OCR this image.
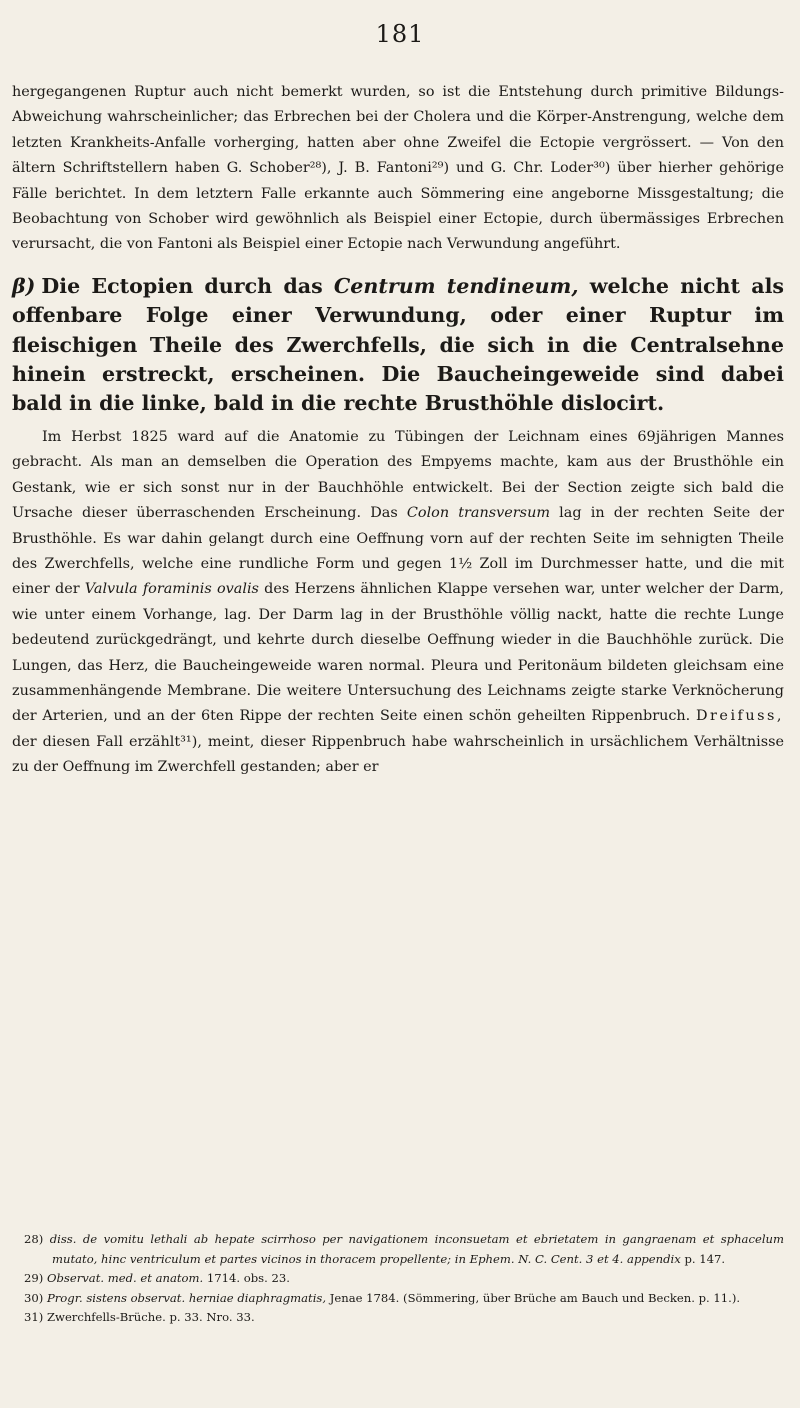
181

hergegangenen Ruptur auch nicht bemerkt wurden, so ist die Entstehung durch primitive Bildungs-Abweichung wahrscheinlicher; das Erbrechen bei der Cholera und die Körper-Anstrengung, welche dem letzten Krankheits-Anfalle vorherging, hatten aber ohne Zweifel die Ectopie vergrössert. — Von den ältern Schriftstellern haben G. Schober²⁸), J. B. Fantoni²⁹) und G. Chr. Loder³⁰) über hierher gehörige Fälle berichtet. In dem letztern Falle erkannte auch Sömmering eine angeborne Missgestaltung; die Beobachtung von Schober wird gewöhnlich als Beispiel einer Ectopie, durch übermässiges Erbrechen verursacht, die von Fantoni als Beispiel einer Ectopie nach Verwundung angeführt.

β) Die Ectopien durch das Centrum tendineum, welche nicht als offenbare Folge einer Verwundung, oder einer Ruptur im fleischigen Theile des Zwerchfells, die sich in die Centralsehne hinein erstreckt, erscheinen. Die Baucheingeweide sind dabei bald in die linke, bald in die rechte Brusthöhle dislocirt.

Im Herbst 1825 ward auf die Anatomie zu Tübingen der Leichnam eines 69jährigen Mannes gebracht. Als man an demselben die Operation des Empyems machte, kam aus der Brusthöhle ein Gestank, wie er sich sonst nur in der Bauchhöhle entwickelt. Bei der Section zeigte sich bald die Ursache dieser überraschenden Erscheinung. Das Colon transversum lag in der rechten Seite der Brusthöhle. Es war dahin gelangt durch eine Oeffnung vorn auf der rechten Seite im sehnigten Theile des Zwerchfells, welche eine rundliche Form und gegen 1½ Zoll im Durchmesser hatte, und die mit einer der Valvula foraminis ovalis des Herzens ähnlichen Klappe versehen war, unter welcher der Darm, wie unter einem Vorhange, lag. Der Darm lag in der Brusthöhle völlig nackt, hatte die rechte Lunge bedeutend zurückgedrängt, und kehrte durch dieselbe Oeffnung wieder in die Bauchhöhle zurück. Die Lungen, das Herz, die Baucheingeweide waren normal. Pleura und Peritonäum bildeten gleichsam eine zusammenhängende Membrane. Die weitere Untersuchung des Leichnams zeigte starke Verknöcherung der Arterien, und an der 6ten Rippe der rechten Seite einen schön geheilten Rippenbruch. Dreifuss, der diesen Fall erzählt³¹), meint, dieser Rippenbruch habe wahrscheinlich in ursächlichem Verhältnisse zu der Oeffnung im Zwerchfell gestanden; aber er

28) diss. de vomitu lethali ab hepate scirrhoso per navigationem inconsuetam et ebrietatem in gangraenam et sphacelum mutato, hinc ventriculum et partes vicinos in thoracem propellente; in Ephem. N. C. Cent. 3 et 4. appendix p. 147.

29) Observat. med. et anatom. 1714. obs. 23.

30) Progr. sistens observat. herniae diaphragmatis, Jenae 1784. (Sömmering, über Brüche am Bauch und Becken. p. 11.).

31) Zwerchfells-Brüche. p. 33. Nro. 33.
